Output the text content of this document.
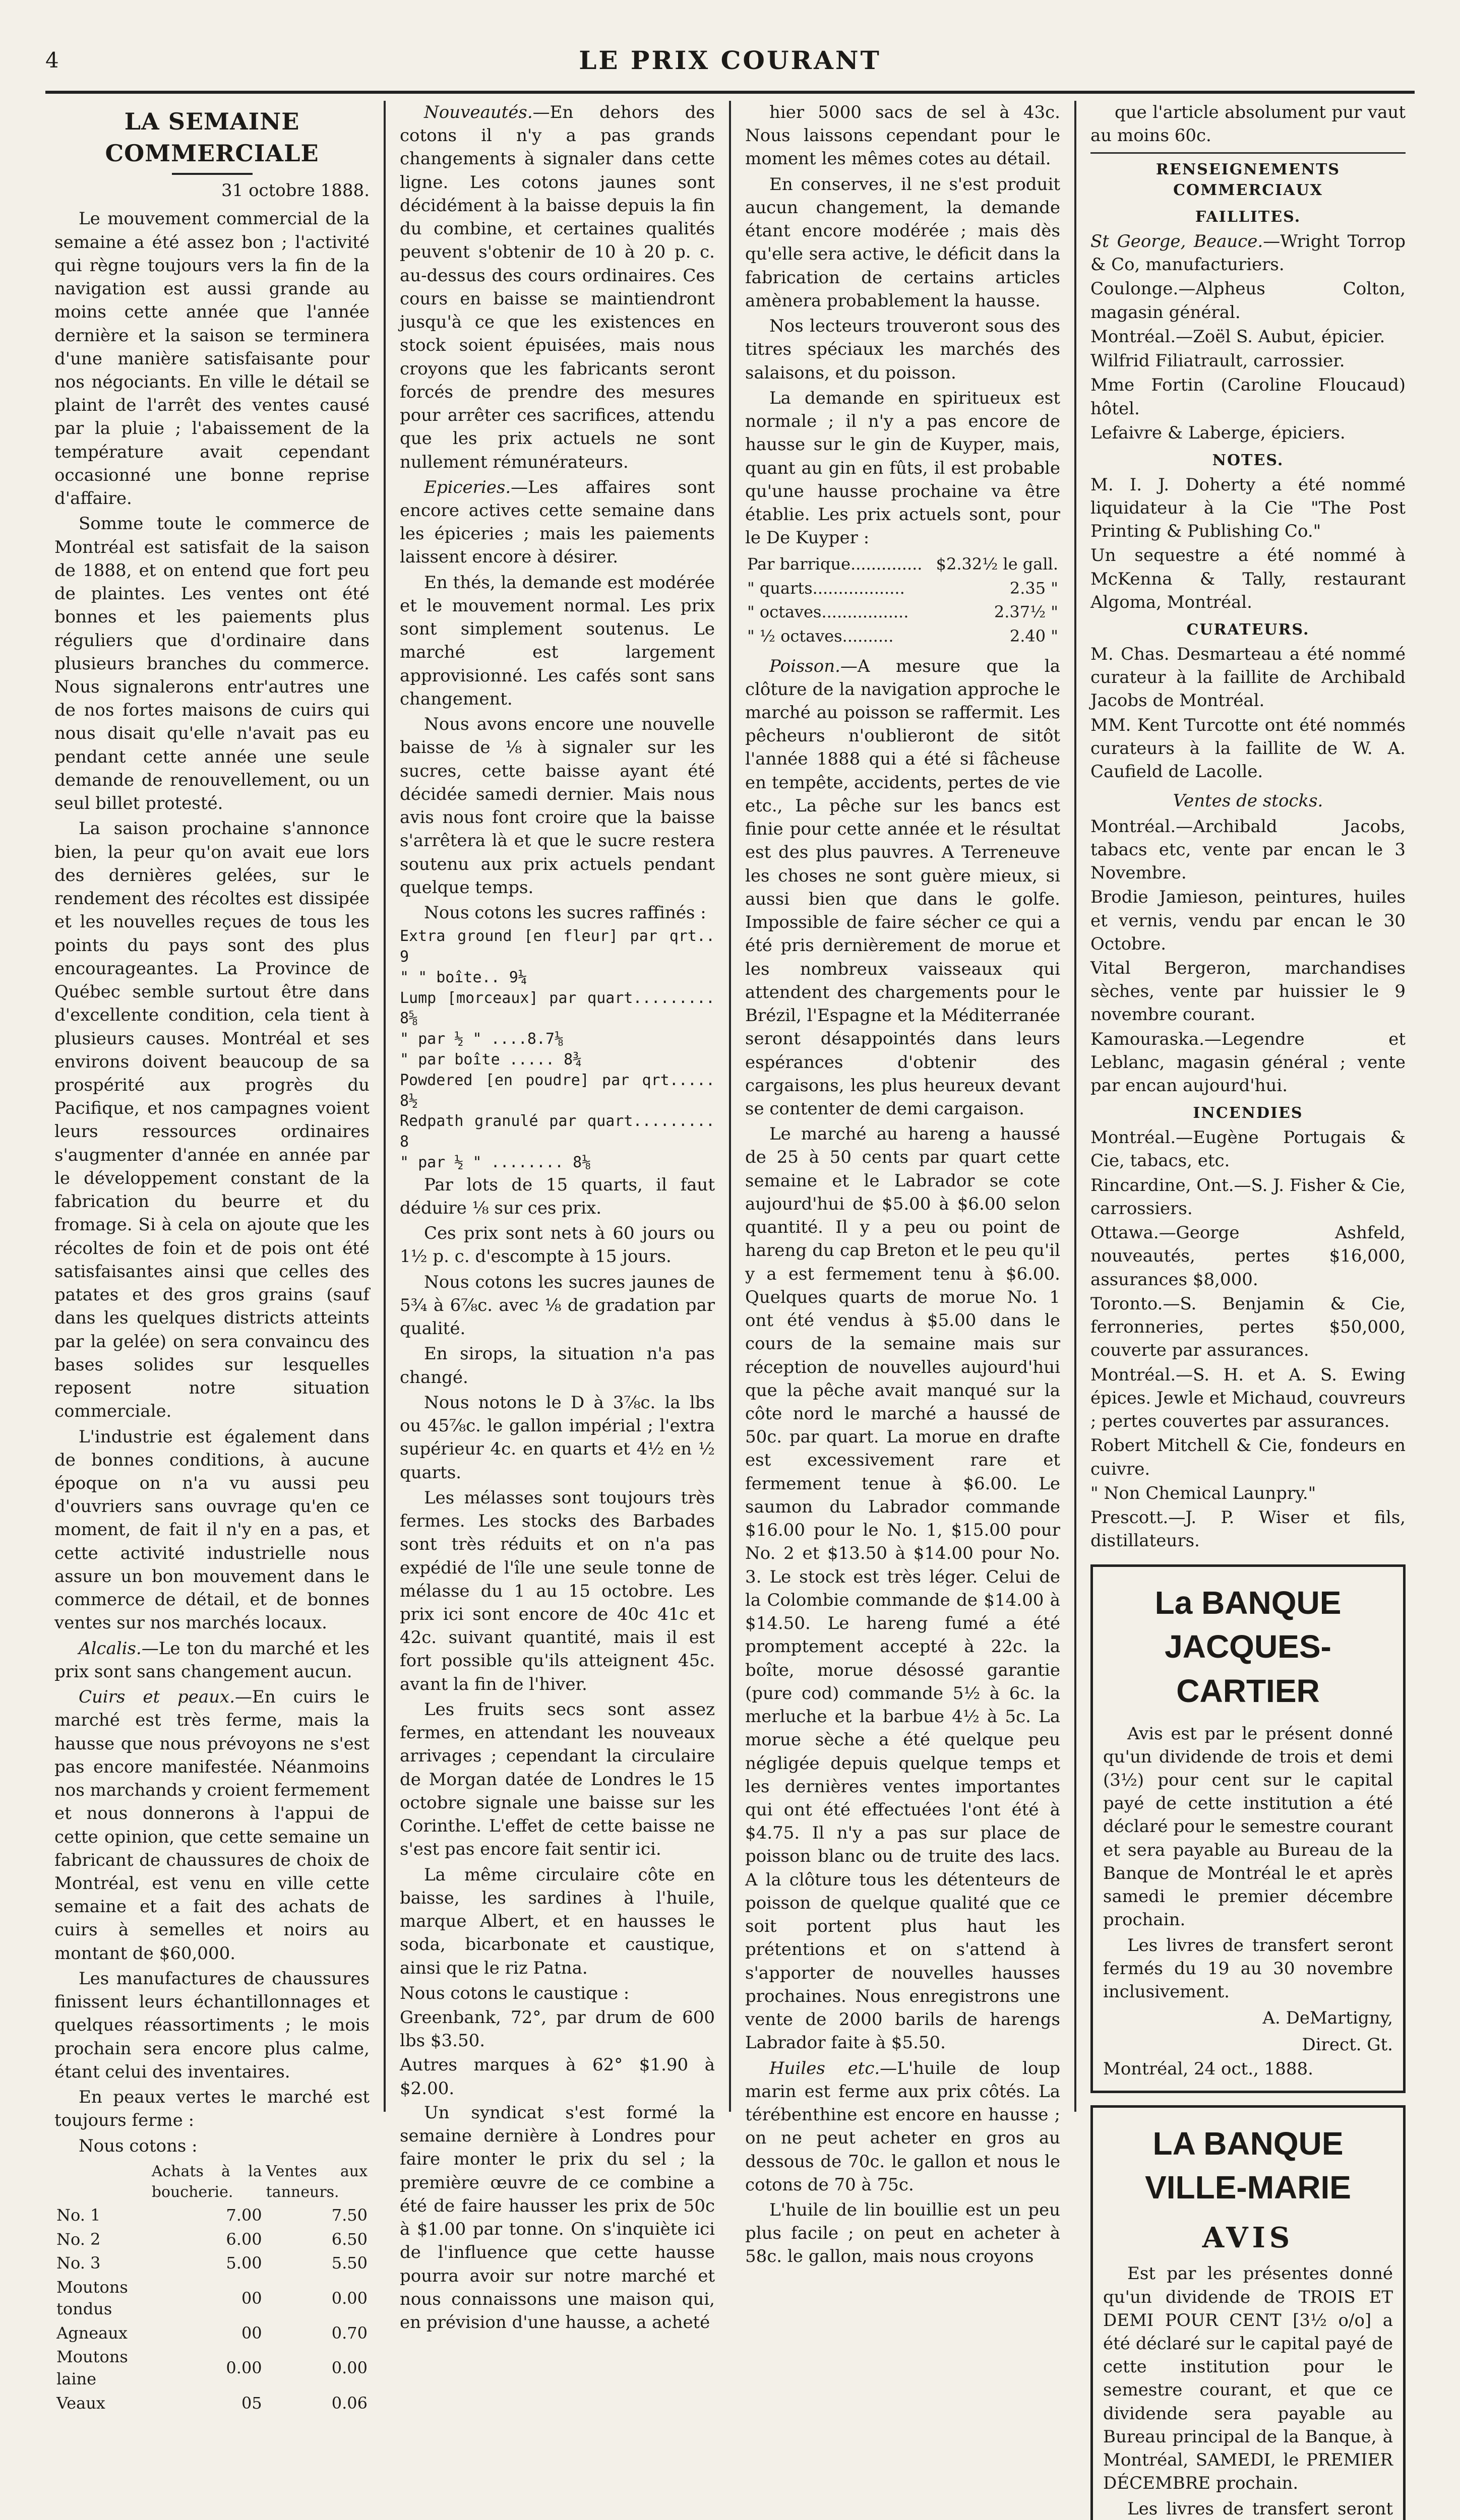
4	LE PRIX COURANT
LA SEMAINE COMMERCIALE
31 octobre 1888.

Le mouvement commercial de la semaine a été assez bon ; l'activité qui règne toujours vers la fin de la navigation est aussi grande au moins cette année que l'année dernière et la saison se terminera d'une manière satisfaisante pour nos négociants. En ville le détail se plaint de l'arrêt des ventes causé par la pluie ; l'abaissement de la température avait cependant occasionné une bonne reprise d'affaire.

Somme toute le commerce de Montréal est satisfait de la saison de 1888, et on entend que fort peu de plaintes. Les ventes ont été bonnes et les paiements plus réguliers que d'ordinaire dans plusieurs branches du commerce. Nous signalerons entr'autres une de nos fortes maisons de cuirs qui nous disait qu'elle n'avait pas eu pendant cette année une seule demande de renouvellement, ou un seul billet protesté.

La saison prochaine s'annonce bien, la peur qu'on avait eue lors des dernières gelées, sur le rendement des récoltes est dissipée et les nouvelles reçues de tous les points du pays sont des plus encourageantes. La Province de Québec semble surtout être dans d'excellente condition, cela tient à plusieurs causes. Montréal et ses environs doivent beaucoup de sa prospérité aux progrès du Pacifique, et nos campagnes voient leurs ressources ordinaires s'augmenter d'année en année par le développement constant de la fabrication du beurre et du fromage. Si à cela on ajoute que les récoltes de foin et de pois ont été satisfaisantes ainsi que celles des patates et des gros grains (sauf dans les quelques districts atteints par la gelée) on sera convaincu des bases solides sur lesquelles reposent notre situation commerciale.

L'industrie est également dans de bonnes conditions, à aucune époque on n'a vu aussi peu d'ouvriers sans ouvrage qu'en ce moment, de fait il n'y en a pas, et cette activité industrielle nous assure un bon mouvement dans le commerce de détail, et de bonnes ventes sur nos marchés locaux.

Alcalis.—Le ton du marché et les prix sont sans changement aucun.

Cuirs et peaux.—En cuirs le marché est très ferme, mais la hausse que nous prévoyons ne s'est pas encore manifestée. Néanmoins nos marchands y croient fermement et nous donnerons à l'appui de cette opinion, que cette semaine un fabricant de chaussures de choix de Montréal, est venu en ville cette semaine et a fait des achats de cuirs à semelles et noirs au montant de $60,000.

Les manufactures de chaussures finissent leurs échantillonnages et quelques réassortiments ; le mois prochain sera encore plus calme, étant celui des inventaires.

En peaux vertes le marché est toujours ferme :

Nous cotons :

	Achats à la boucherie.	Ventes aux tanneurs.
No. 1	7.00	7.50
No. 2	6.00	6.50
No. 3	5.00	5.50
Moutons tondus	00	0.00
Agneaux	00	0.70
Moutons laine	0.00	0.00
Veaux	05	0.06

Nouveautés.—En dehors des cotons il n'y a pas grands changements à signaler dans cette ligne. Les cotons jaunes sont décidément à la baisse depuis la fin du combine, et certaines qualités peuvent s'obtenir de 10 à 20 p. c. au-dessus des cours ordinaires. Ces cours en baisse se maintiendront jusqu'à ce que les existences en stock soient épuisées, mais nous croyons que les fabricants seront forcés de prendre des mesures pour arrêter ces sacrifices, attendu que les prix actuels ne sont nullement rémunérateurs.

Epiceries.—Les affaires sont encore actives cette semaine dans les épiceries ; mais les paiements laissent encore à désirer.

En thés, la demande est modérée et le mouvement normal. Les prix sont simplement soutenus. Le marché est largement approvisionné. Les cafés sont sans changement.

Nous avons encore une nouvelle baisse de ⅛ à signaler sur les sucres, cette baisse ayant été décidée samedi dernier. Mais nous avis nous font croire que la baisse s'arrêtera là et que le sucre restera soutenu aux prix actuels pendant quelque temps.

Nous cotons les sucres raffinés :

Extra ground [en fleur] par qrt.. 9
" " boîte.. 9¼
Lump [morceaux] par quart......... 8⅝
" par ½ " ....8.7⅛
" par boîte ..... 8¾
Powdered [en poudre] par qrt..... 8½
Redpath granulé par quart......... 8
" par ½ " ........ 8⅛

Par lots de 15 quarts, il faut déduire ⅛ sur ces prix.

Ces prix sont nets à 60 jours ou 1½ p. c. d'escompte à 15 jours.

Nous cotons les sucres jaunes de 5¾ à 6⅞c. avec ⅛ de gradation par qualité.

En sirops, la situation n'a pas changé.

Nous notons le D à 3⅞c. la lbs ou 45⅞c. le gallon impérial ; l'extra supérieur 4c. en quarts et 4½ en ½ quarts.

Les mélasses sont toujours très fermes. Les stocks des Barbades sont très réduits et on n'a pas expédié de l'île une seule tonne de mélasse du 1 au 15 octobre. Les prix ici sont encore de 40c 41c et 42c. suivant quantité, mais il est fort possible qu'ils atteignent 45c. avant la fin de l'hiver.

Les fruits secs sont assez fermes, en attendant les nouveaux arrivages ; cependant la circulaire de Morgan datée de Londres le 15 octobre signale une baisse sur les Corinthe. L'effet de cette baisse ne s'est pas encore fait sentir ici.

La même circulaire côte en baisse, les sardines à l'huile, marque Albert, et en hausses le soda, bicarbonate et caustique, ainsi que le riz Patna.

Nous cotons le caustique :

Greenbank, 72°, par drum de 600 lbs $3.50.

Autres marques à 62° $1.90 à $2.00.

Un syndicat s'est formé la semaine dernière à Londres pour faire monter le prix du sel ; la première œuvre de ce combine a été de faire hausser les prix de 50c à $1.00 par tonne. On s'inquiète ici de l'influence que cette hausse pourra avoir sur notre marché et nous connaissons une maison qui, en prévision d'une hausse, a acheté

hier 5000 sacs de sel à 43c. Nous laissons cependant pour le moment les mêmes cotes au détail.

En conserves, il ne s'est produit aucun changement, la demande étant encore modérée ; mais dès qu'elle sera active, le déficit dans la fabrication de certains articles amènera probablement la hausse.

Nos lecteurs trouveront sous des titres spéciaux les marchés des salaisons, et du poisson.

La demande en spiritueux est normale ; il n'y a pas encore de hausse sur le gin de Kuyper, mais, quant au gin en fûts, il est probable qu'une hausse prochaine va être établie. Les prix actuels sont, pour le De Kuyper :

Par barrique..............	$2.32½ le gall.
" quarts..................	2.35 "
" octaves.................	2.37½ "
" ½ octaves..........	2.40 "

Poisson.—A mesure que la clôture de la navigation approche le marché au poisson se raffermit. Les pêcheurs n'oublieront de sitôt l'année 1888 qui a été si fâcheuse en tempête, accidents, pertes de vie etc., La pêche sur les bancs est finie pour cette année et le résultat est des plus pauvres. A Terreneuve les choses ne sont guère mieux, si aussi bien que dans le golfe. Impossible de faire sécher ce qui a été pris dernièrement de morue et les nombreux vaisseaux qui attendent des chargements pour le Brézil, l'Espagne et la Méditerranée seront désappointés dans leurs espérances d'obtenir des cargaisons, les plus heureux devant se contenter de demi cargaison.

Le marché au hareng a haussé de 25 à 50 cents par quart cette semaine et le Labrador se cote aujourd'hui de $5.00 à $6.00 selon quantité. Il y a peu ou point de hareng du cap Breton et le peu qu'il y a est fermement tenu à $6.00. Quelques quarts de morue No. 1 ont été vendus à $5.00 dans le cours de la semaine mais sur réception de nouvelles aujourd'hui que la pêche avait manqué sur la côte nord le marché a haussé de 50c. par quart. La morue en drafte est excessivement rare et fermement tenue à $6.00. Le saumon du Labrador commande $16.00 pour le No. 1, $15.00 pour No. 2 et $13.50 à $14.00 pour No. 3. Le stock est très léger. Celui de la Colombie commande de $14.00 à $14.50. Le hareng fumé a été promptement accepté à 22c. la boîte, morue désossé garantie (pure cod) commande 5½ à 6c. la merluche et la barbue 4½ à 5c. La morue sèche a été quelque peu négligée depuis quelque temps et les dernières ventes importantes qui ont été effectuées l'ont été à $4.75. Il n'y a pas sur place de poisson blanc ou de truite des lacs. A la clôture tous les détenteurs de poisson de quelque qualité que ce soit portent plus haut les prétentions et on s'attend à s'apporter de nouvelles hausses prochaines. Nous enregistrons une vente de 2000 barils de harengs Labrador faite à $5.50.

Huiles etc.—L'huile de loup marin est ferme aux prix côtés. La térébenthine est encore en hausse ; on ne peut acheter en gros au dessous de 70c. le gallon et nous le cotons de 70 à 75c.

L'huile de lin bouillie est un peu plus facile ; on peut en acheter à 58c. le gallon, mais nous croyons

que l'article absolument pur vaut au moins 60c.

RENSEIGNEMENTS COMMERCIAUX
FAILLITES.

St George, Beauce.—Wright Torrop & Co, manufacturiers.

Coulonge.—Alpheus Colton, magasin général.

Montréal.—Zoël S. Aubut, épicier.

Wilfrid Filiatrault, carrossier.

Mme Fortin (Caroline Floucaud) hôtel.

Lefaivre & Laberge, épiciers.

NOTES.

M. I. J. Doherty a été nommé liquidateur à la Cie "The Post Printing & Publishing Co."

Un sequestre a été nommé à McKenna & Tally, restaurant Algoma, Montréal.

CURATEURS.

M. Chas. Desmarteau a été nommé curateur à la faillite de Archibald Jacobs de Montréal.

MM. Kent Turcotte ont été nommés curateurs à la faillite de W. A. Caufield de Lacolle.

Ventes de stocks.

Montréal.—Archibald Jacobs, tabacs etc, vente par encan le 3 Novembre.

Brodie Jamieson, peintures, huiles et vernis, vendu par encan le 30 Octobre.

Vital Bergeron, marchandises sèches, vente par huissier le 9 novembre courant.

Kamouraska.—Legendre et Leblanc, magasin général ; vente par encan aujourd'hui.

INCENDIES

Montréal.—Eugène Portugais & Cie, tabacs, etc.

Rincardine, Ont.—S. J. Fisher & Cie, carrossiers.

Ottawa.—George Ashfeld, nouveautés, pertes $16,000, assurances $8,000.

Toronto.—S. Benjamin & Cie, ferronneries, pertes $50,000, couverte par assurances.

Montréal.—S. H. et A. S. Ewing épices. Jewle et Michaud, couvreurs ; pertes couvertes par assurances.

Robert Mitchell & Cie, fondeurs en cuivre.

" Non Chemical Launpry."

Prescott.—J. P. Wiser et fils, distillateurs.

La BANQUE JACQUES-CARTIER

Avis est par le présent donné qu'un dividende de trois et demi (3½) pour cent sur le capital payé de cette institution a été déclaré pour le semestre courant et sera payable au Bureau de la Banque de Montréal le et après samedi le premier décembre prochain.

Les livres de transfert seront fermés du 19 au 30 novembre inclusivement.

A. DeMartigny,
Direct. Gt.

Montréal, 24 oct., 1888.

LA BANQUE VILLE-MARIE
AVIS

Est par les présentes donné qu'un dividende de TROIS ET DEMI POUR CENT [3½ o/o] a été déclaré sur le capital payé de cette institution pour le semestre courant, et que ce dividende sera payable au Bureau principal de la Banque, à Montréal, SAMEDI, le PREMIER DÉCEMBRE prochain.

Les livres de transfert seront
